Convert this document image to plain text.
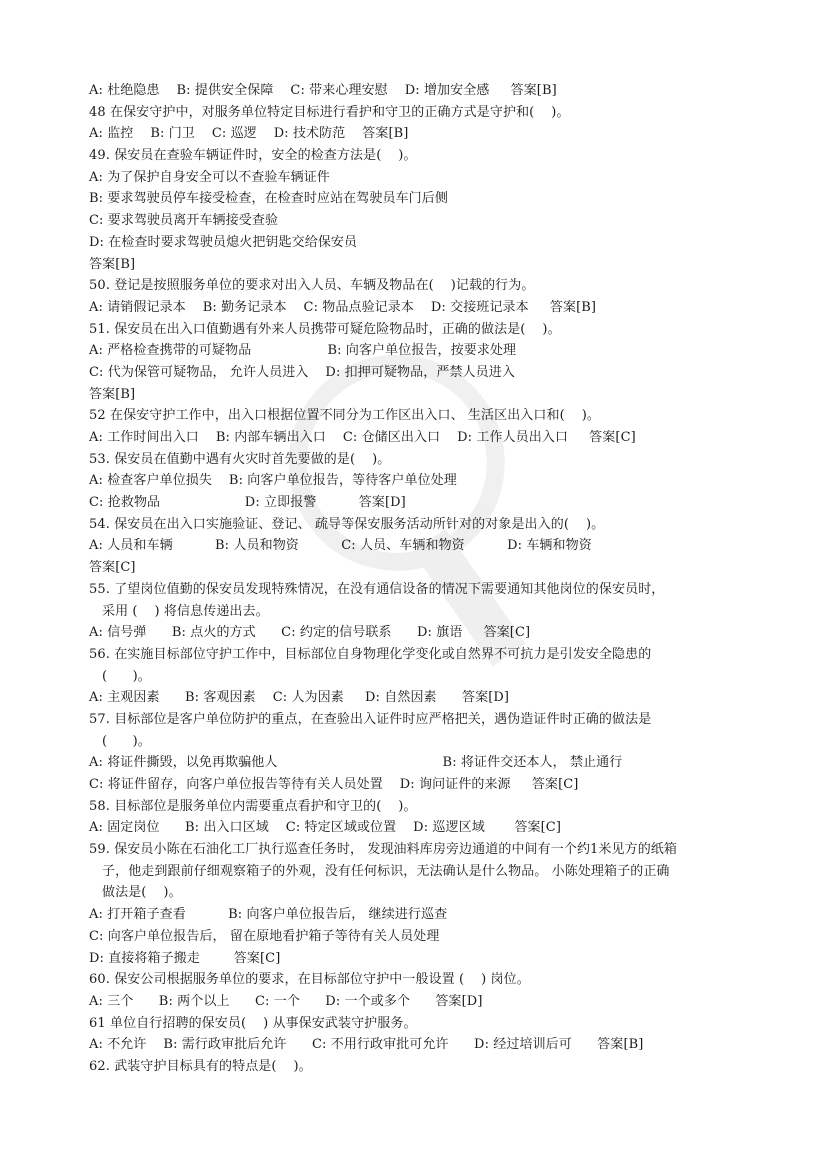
A: 杜绝隐患    B: 提供安全保障    C: 带来心理安慰    D: 增加安全感     答案[B]
48 在保安守护中，对服务单位特定目标进行看护和守卫的正确方式是守护和(    )。
A: 监控    B: 门卫    C: 巡逻    D: 技术防范    答案[B]
49. 保安员在查验车辆证件时，安全的检查方法是(    )。
A: 为了保护自身安全可以不查验车辆证件
B: 要求驾驶员停车接受检查，在检查时应站在驾驶员车门后侧
C: 要求驾驶员离开车辆接受查验
D: 在检查时要求驾驶员熄火把钥匙交给保安员
答案[B]
50. 登记是按照服务单位的要求对出入人员、车辆及物品在(    )记载的行为。
A: 请销假记录本    B: 勤务记录本    C: 物品点验记录本    D: 交接班记录本     答案[B]
51. 保安员在出入口值勤遇有外来人员携带可疑危险物品时，正确的做法是(    )。
A: 严格检查携带的可疑物品                  B: 向客户单位报告，按要求处理
C: 代为保管可疑物品， 允许人员进入    D: 扣押可疑物品，严禁人员进入
答案[B]
52 在保安守护工作中，出入口根据位置不同分为工作区出入口、 生活区出入口和(    )。
A: 工作时间出入口    B: 内部车辆出入口    C: 仓储区出入口    D: 工作人员出入口     答案[C]
53. 保安员在值勤中遇有火灾时首先要做的是(    )。
A: 检查客户单位损失    B: 向客户单位报告，等待客户单位处理
C: 抢救物品                    D: 立即报警          答案[D]
54. 保安员在出入口实施验证、登记、 疏导等保安服务活动所针对的对象是出入的(    )。
A: 人员和车辆          B: 人员和物资          C: 人员、车辆和物资          D: 车辆和物资
答案[C]
55. 了望岗位值勤的保安员发现特殊情况，在没有通信设备的情况下需要通知其他岗位的保安员时，
采用 (    ) 将信息传递出去。
A: 信号弹      B: 点火的方式      C: 约定的信号联系      D: 旗语     答案[C]
56. 在实施目标部位守护工作中，目标部位自身物理化学变化或自然界不可抗力是引发安全隐患的
(      )。
A: 主观因素      B: 客观因素    C: 人为因素     D: 自然因素      答案[D]
57. 目标部位是客户单位防护的重点，在查验出入证件时应严格把关，遇伪造证件时正确的做法是
(      )。
A: 将证件撕毁，以免再欺骗他人                                       B: 将证件交还本人， 禁止通行
C: 将证件留存，向客户单位报告等待有关人员处置    D: 询问证件的来源     答案[C]
58. 目标部位是服务单位内需要重点看护和守卫的(    )。
A: 固定岗位      B: 出入口区域    C: 特定区域或位置    D: 巡逻区域       答案[C]
59. 保安员小陈在石油化工厂执行巡查任务时， 发现油料库房旁边通道的中间有一个约1米见方的纸箱
子，他走到跟前仔细观察箱子的外观，没有任何标识，无法确认是什么物品。 小陈处理箱子的正确
做法是(    )。
A: 打开箱子查看          B: 向客户单位报告后， 继续进行巡查
C: 向客户单位报告后， 留在原地看护箱子等待有关人员处理
D: 直接将箱子搬走        答案[C]
60. 保安公司根据服务单位的要求，在目标部位守护中一般设置 (    ) 岗位。
A: 三个      B: 两个以上      C: 一个      D: 一个或多个      答案[D]
61 单位自行招聘的保安员(    ) 从事保安武装守护服务。
A: 不允许    B: 需行政审批后允许      C: 不用行政审批可允许      D: 经过培训后可      答案[B]
62. 武装守护目标具有的特点是(    )。
